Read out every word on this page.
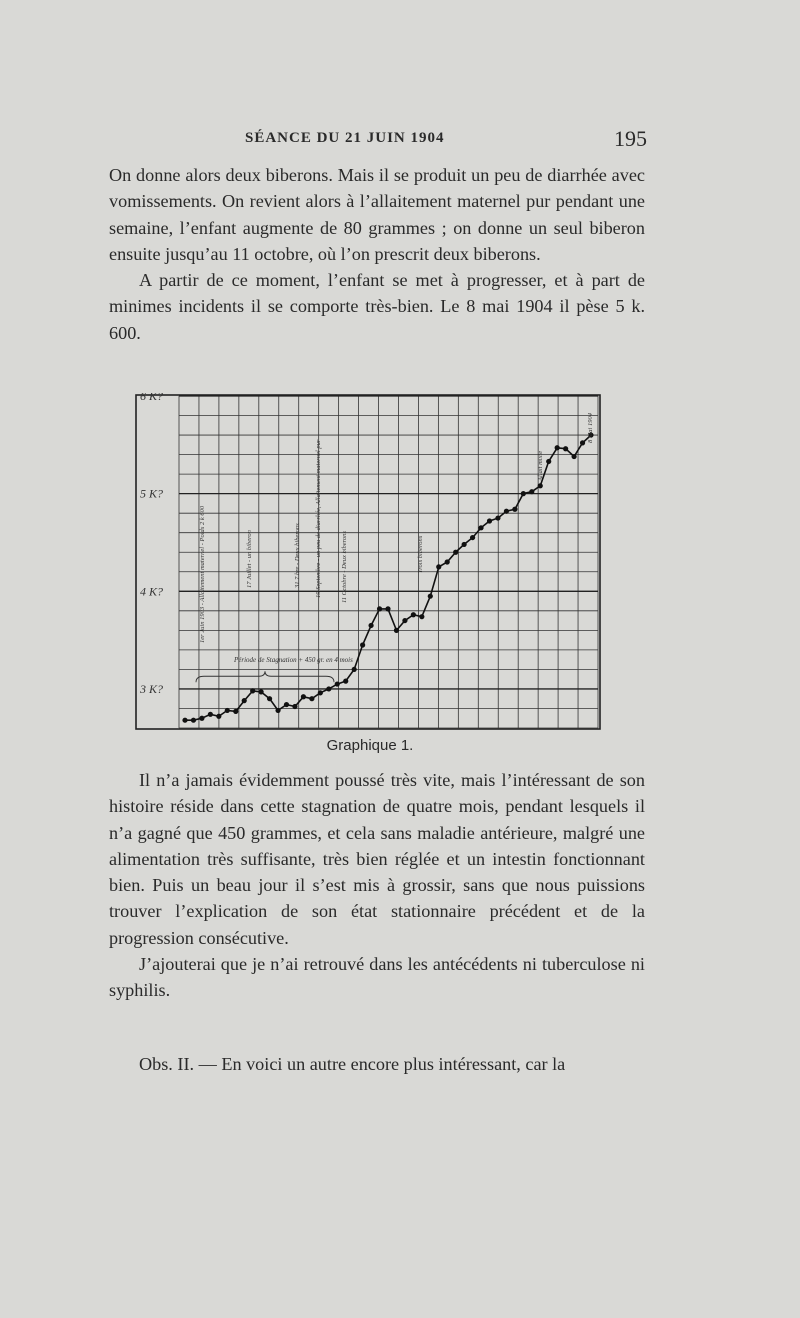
SÉANCE DU 21 JUIN 1904	195

On donne alors deux biberons. Mais il se produit un peu de diarrhée avec vomissements. On revient alors à l’allaitement maternel pur pendant une semaine, l’enfant augmente de 80 grammes ; on donne un seul biberon ensuite jusqu’au 11 octobre, où l’on prescrit deux biberons.

A partir de ce moment, l’enfant se met à progresser, et à part de minimes incidents il se comporte très-bien. Le 8 mai 1904 il pèse 5 k. 600.

6 K?
5 K?
4 K?
3 K?
1er Juin 1903 - Allaitement maternel - Poids 2 k 600	17 Juillet - un biberon	31 7 bre - Deux biberons 19 Septembre - un peu de diarrhée, Allaitement maternel pur	11 Octobre - Deux biberons	Trois biberons
Allait mixte
8 Mai 1904
Période de Stagnation + 450 gr. en 4 mois
Graphique 1.

Il n’a jamais évidemment poussé très vite, mais l’intéressant de son histoire réside dans cette stagnation de quatre mois, pendant lesquels il n’a gagné que 450 grammes, et cela sans maladie antérieure, malgré une alimentation très suffisante, très bien réglée et un intestin fonctionnant bien. Puis un beau jour il s’est mis à grossir, sans que nous puissions trouver l’explication de son état stationnaire précédent et de la progression consécutive.

J’ajouterai que je n’ai retrouvé dans les antécédents ni tuberculose ni syphilis.

Obs. II. — En voici un autre encore plus intéressant, car la
